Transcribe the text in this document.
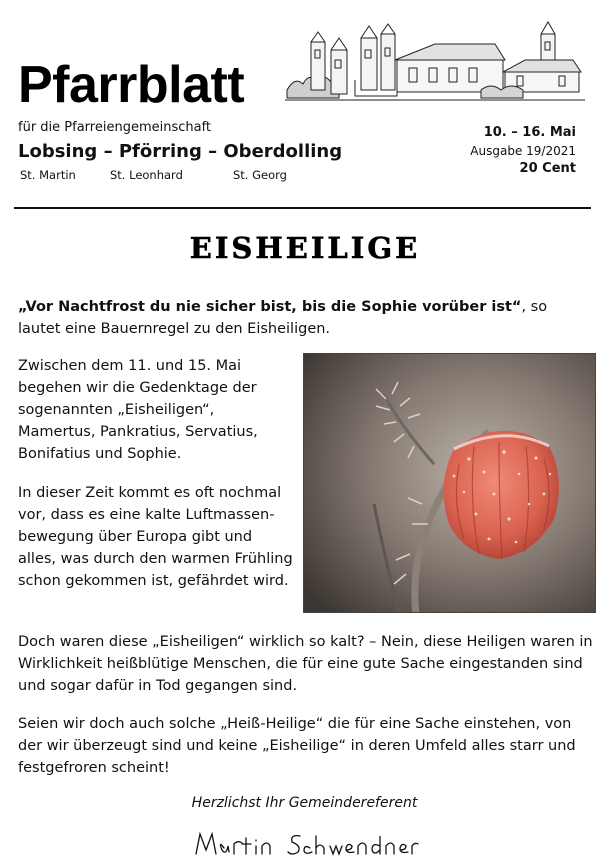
Pfarrblatt
für die Pfarreiengemeinschaft
Lobsing – Pförring – Oberdolling
St. Martin	St. Leonhard	St. Georg
10. – 16. Mai
Ausgabe 19/2021
20 Cent
EISHEILIGE
„Vor Nachtfrost du nie sicher bist, bis die Sophie vorüber ist“, so lautet eine Bauernregel zu den Eisheiligen.
Zwischen dem 11. und 15. Mai begehen wir die Gedenktage der sogenannten „Eisheiligen“, Mamertus, Pankratius, Servatius, Bonifatius und Sophie.
In dieser Zeit kommt es oft nochmal vor, dass es eine kalte Luftmassen-bewegung über Europa gibt und alles, was durch den warmen Frühling schon gekommen ist, gefährdet wird.
Doch waren diese „Eisheiligen“ wirklich so kalt? – Nein, diese Heiligen waren in Wirklichkeit heißblütige Menschen, die für eine gute Sache eingestanden sind und sogar dafür in Tod gegangen sind.
Seien wir doch auch solche „Heiß-Heilige“ die für eine Sache einstehen, von der wir überzeugt sind und keine „Eisheilige“ in deren Umfeld alles starr und festgefroren scheint!
Herzlichst Ihr Gemeindereferent
